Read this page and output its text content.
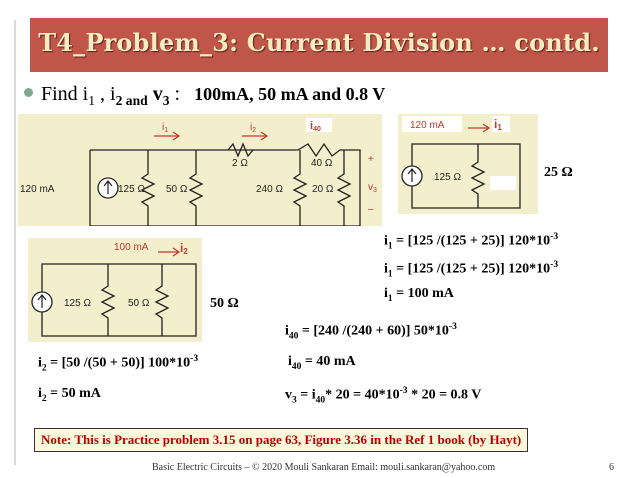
T4_Problem_3: Current Division … contd.
Find $i_1$ , $i_{2 and}$ $v_3$ : 100mA, 50 mA and 0.8 V
120 mA	125 Ω 50 Ω
2 Ω
240 Ω
40 Ω
20 Ω
$i_1$	$i_2$	i40
+
$v_3$
–
120 mA	i1
125 Ω	25 Ω
100 mA	i2
125 Ω	50 Ω	50 Ω
$i_1 = [125$ /(125 + 25)] $120*10^{-3}$
$i_1 = [125$ /(125 + 25)] $120*10^{-3}$
$i_1 = 100$ mA
$i_{40} = [240$ /(240 + 60)] $50*10^{-3}$
$i_{40} = 40$ mA
$i_2 = [50$ /(50 + 50)] $100*10^{-3}$
$i_2 = 50$ mA	$v_3 = i_{40}*$ $20 = 40*10^{-3} * 20 = 0.8$ V
Note: This is Practice problem 3.15 on page 63, Figure 3.36 in the Ref 1 book (by Hayt)
Basic Electric Circuits – © 2020 Mouli Sankaran Email: mouli.sankaran@yahoo.com	6
